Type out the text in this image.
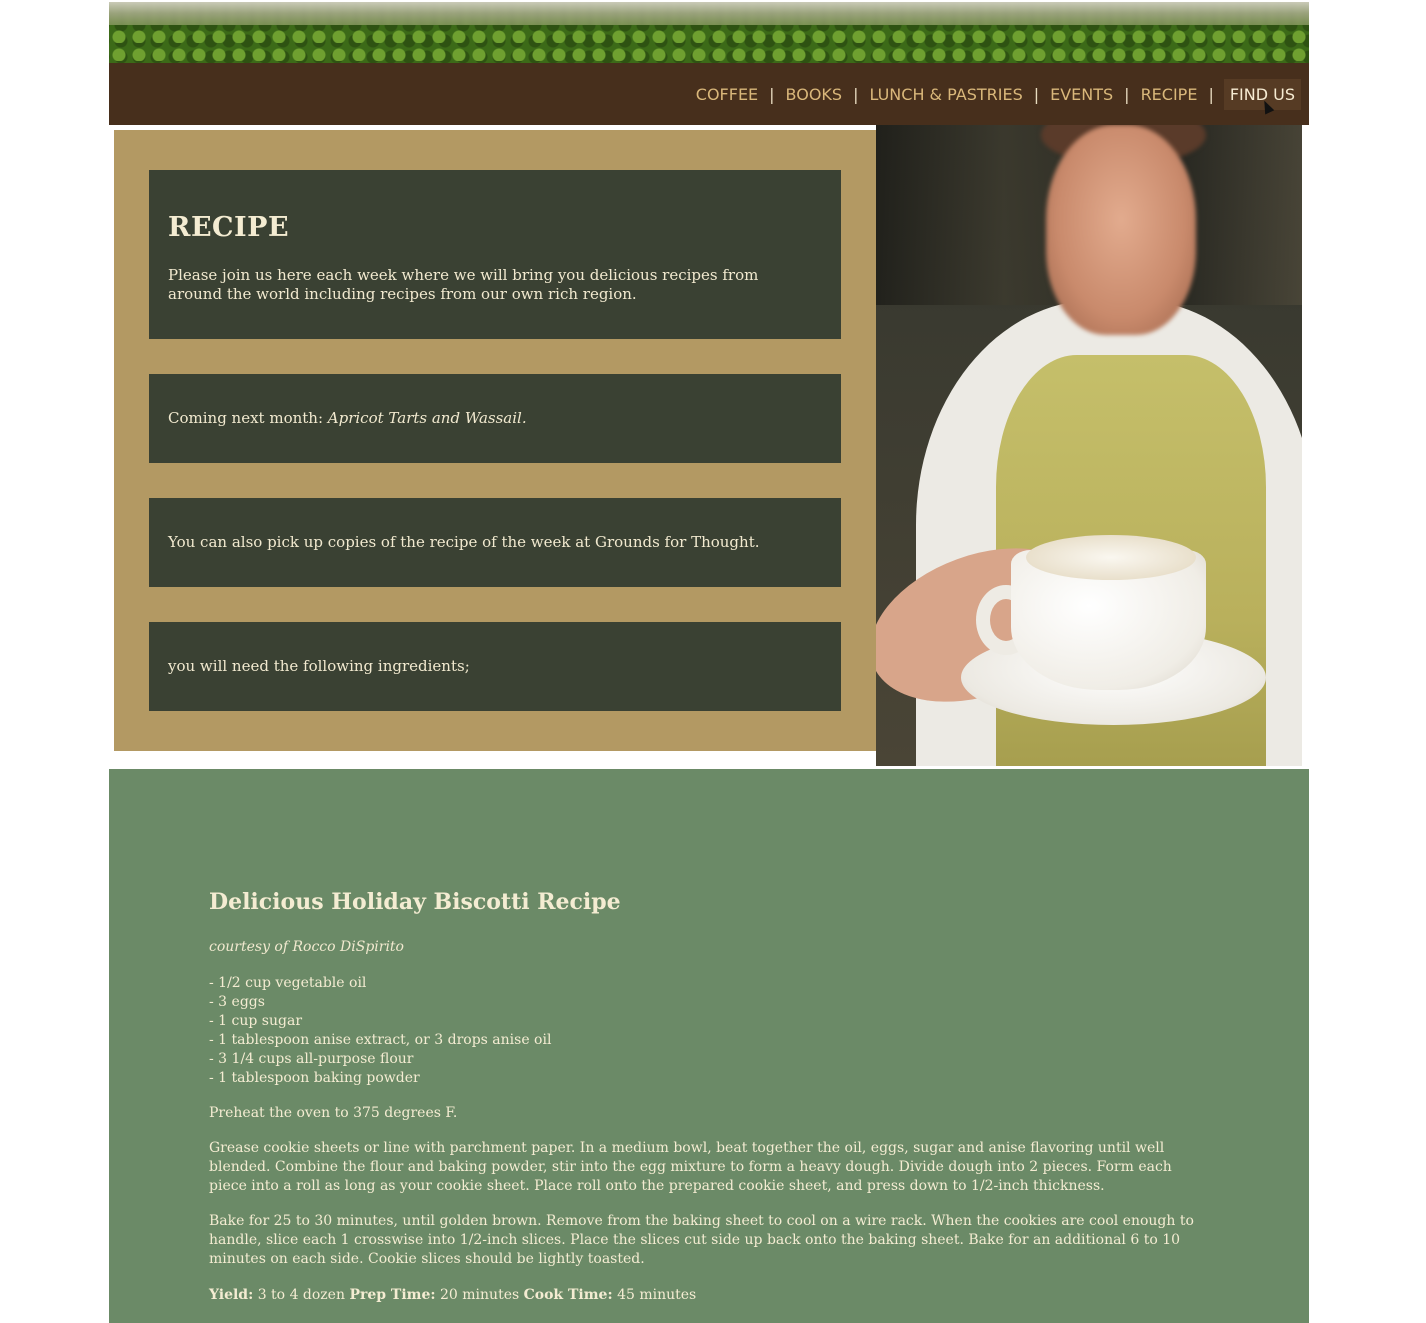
COFFEE | BOOKS | LUNCH & PASTRIES | EVENTS | RECIPE |	FIND US
RECIPE
Please join us here each week where we will bring you delicious recipes from around the world including recipes from our own rich region.
Coming next month: Apricot Tarts and Wassail.
You can also pick up copies of the recipe of the week at Grounds for Thought.
you will need the following ingredients;
Delicious Holiday Biscotti Recipe
courtesy of Rocco DiSpirito
- 1/2 cup vegetable oil
- 3 eggs
- 1 cup sugar
- 1 tablespoon anise extract, or 3 drops anise oil
- 3 1/4 cups all-purpose flour
- 1 tablespoon baking powder

Preheat the oven to 375 degrees F.

Grease cookie sheets or line with parchment paper. In a medium bowl, beat together the oil, eggs, sugar and anise flavoring until well blended. Combine the flour and baking powder, stir into the egg mixture to form a heavy dough. Divide dough into 2 pieces. Form each piece into a roll as long as your cookie sheet. Place roll onto the prepared cookie sheet, and press down to 1/2-inch thickness.

Bake for 25 to 30 minutes, until golden brown. Remove from the baking sheet to cool on a wire rack. When the cookies are cool enough to handle, slice each 1 crosswise into 1/2-inch slices. Place the slices cut side up back onto the baking sheet. Bake for an additional 6 to 10 minutes on each side. Cookie slices should be lightly toasted.

Yield: 3 to 4 dozen Prep Time: 20 minutes Cook Time: 45 minutes
